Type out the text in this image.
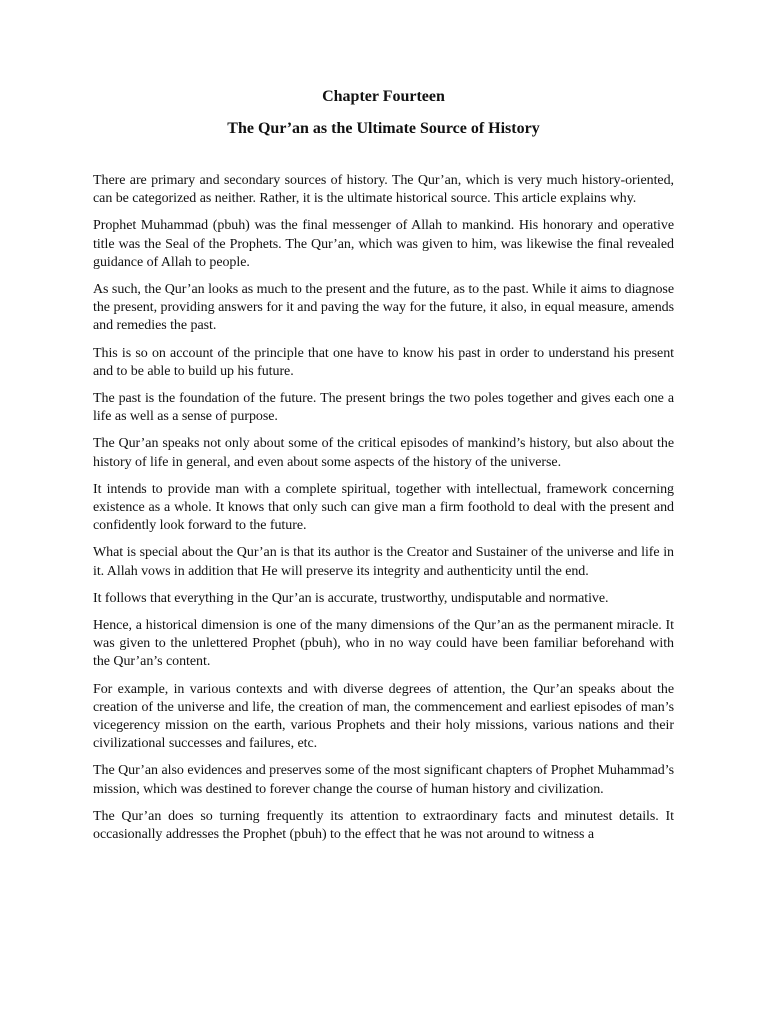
Chapter Fourteen
The Qur’an as the Ultimate Source of History

There are primary and secondary sources of history. The Qur’an, which is very much history-oriented, can be categorized as neither. Rather, it is the ultimate historical source. This article explains why.

Prophet Muhammad (pbuh) was the final messenger of Allah to mankind. His honorary and operative title was the Seal of the Prophets. The Qur’an, which was given to him, was likewise the final revealed guidance of Allah to people.

As such, the Qur’an looks as much to the present and the future, as to the past. While it aims to diagnose the present, providing answers for it and paving the way for the future, it also, in equal measure, amends and remedies the past.

This is so on account of the principle that one have to know his past in order to understand his present and to be able to build up his future.

The past is the foundation of the future. The present brings the two poles together and gives each one a life as well as a sense of purpose.

The Qur’an speaks not only about some of the critical episodes of mankind’s history, but also about the history of life in general, and even about some aspects of the history of the universe.

It intends to provide man with a complete spiritual, together with intellectual, framework concerning existence as a whole. It knows that only such can give man a firm foothold to deal with the present and confidently look forward to the future.

What is special about the Qur’an is that its author is the Creator and Sustainer of the universe and life in it. Allah vows in addition that He will preserve its integrity and authenticity until the end.

It follows that everything in the Qur’an is accurate, trustworthy, undisputable and normative.

Hence, a historical dimension is one of the many dimensions of the Qur’an as the permanent miracle. It was given to the unlettered Prophet (pbuh), who in no way could have been familiar beforehand with the Qur’an’s content.

For example, in various contexts and with diverse degrees of attention, the Qur’an speaks about the creation of the universe and life, the creation of man, the commencement and earliest episodes of man’s vicegerency mission on the earth, various Prophets and their holy missions, various nations and their civilizational successes and failures, etc.

The Qur’an also evidences and preserves some of the most significant chapters of Prophet Muhammad’s mission, which was destined to forever change the course of human history and civilization.

The Qur’an does so turning frequently its attention to extraordinary facts and minutest details. It occasionally addresses the Prophet (pbuh) to the effect that he was not around to witness a
